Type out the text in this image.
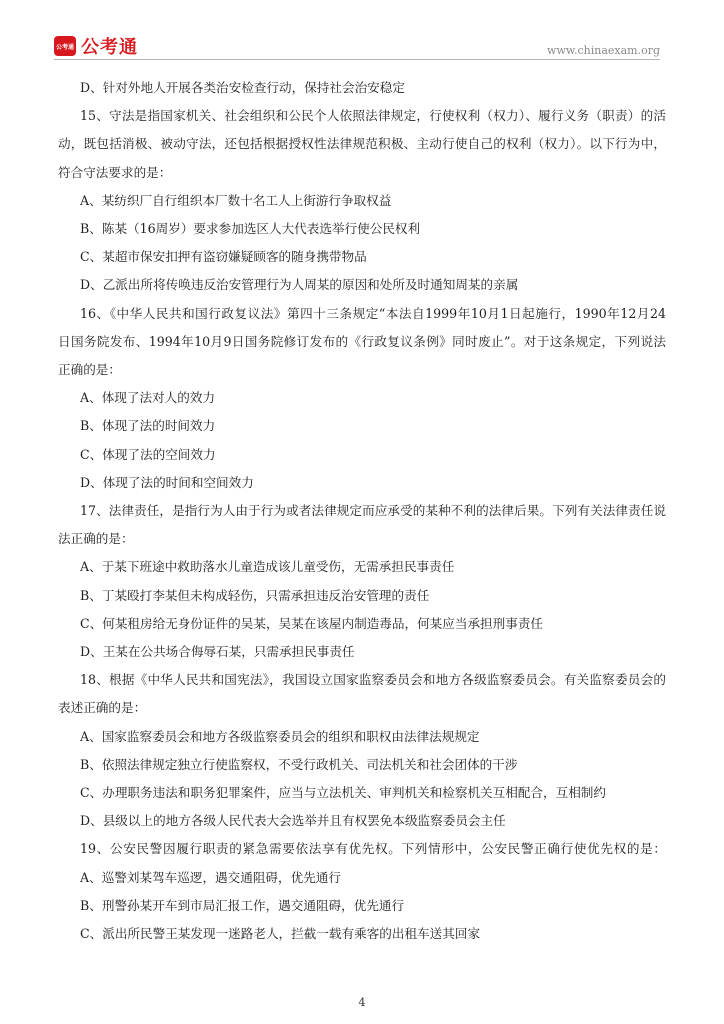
公考通 公考通	www.chinaexam.org
D、针对外地人开展各类治安检查行动，保持社会治安稳定
15、守法是指国家机关、社会组织和公民个人依照法律规定，行使权利（权力）、履行义务（职责）的活
动，既包括消极、被动守法，还包括根据授权性法律规范积极、主动行使自己的权利（权力）。以下行为中，
符合守法要求的是：
A、某纺织厂自行组织本厂数十名工人上街游行争取权益
B、陈某（16周岁）要求参加选区人大代表选举行使公民权利
C、某超市保安扣押有盗窃嫌疑顾客的随身携带物品
D、乙派出所将传唤违反治安管理行为人周某的原因和处所及时通知周某的亲属
16、《中华人民共和国行政复议法》第四十三条规定“本法自1999年10月1日起施行，1990年12月24
日国务院发布、1994年10月9日国务院修订发布的《行政复议条例》同时废止”。对于这条规定，下列说法
正确的是：
A、体现了法对人的效力
B、体现了法的时间效力
C、体现了法的空间效力
D、体现了法的时间和空间效力
17、法律责任，是指行为人由于行为或者法律规定而应承受的某种不利的法律后果。下列有关法律责任说
法正确的是：
A、于某下班途中救助落水儿童造成该儿童受伤，无需承担民事责任
B、丁某殴打李某但未构成轻伤，只需承担违反治安管理的责任
C、何某租房给无身份证件的吴某，吴某在该屋内制造毒品，何某应当承担刑事责任
D、王某在公共场合侮辱石某，只需承担民事责任
18、根据《中华人民共和国宪法》，我国设立国家监察委员会和地方各级监察委员会。有关监察委员会的
表述正确的是：
A、国家监察委员会和地方各级监察委员会的组织和职权由法律法规规定
B、依照法律规定独立行使监察权，不受行政机关、司法机关和社会团体的干涉
C、办理职务违法和职务犯罪案件，应当与立法机关、审判机关和检察机关互相配合，互相制约
D、县级以上的地方各级人民代表大会选举并且有权罢免本级监察委员会主任
19、公安民警因履行职责的紧急需要依法享有优先权。下列情形中，公安民警正确行使优先权的是：
A、巡警刘某驾车巡逻，遇交通阻碍，优先通行
B、刑警孙某开车到市局汇报工作，遇交通阻碍，优先通行
C、派出所民警王某发现一迷路老人，拦截一载有乘客的出租车送其回家
4
